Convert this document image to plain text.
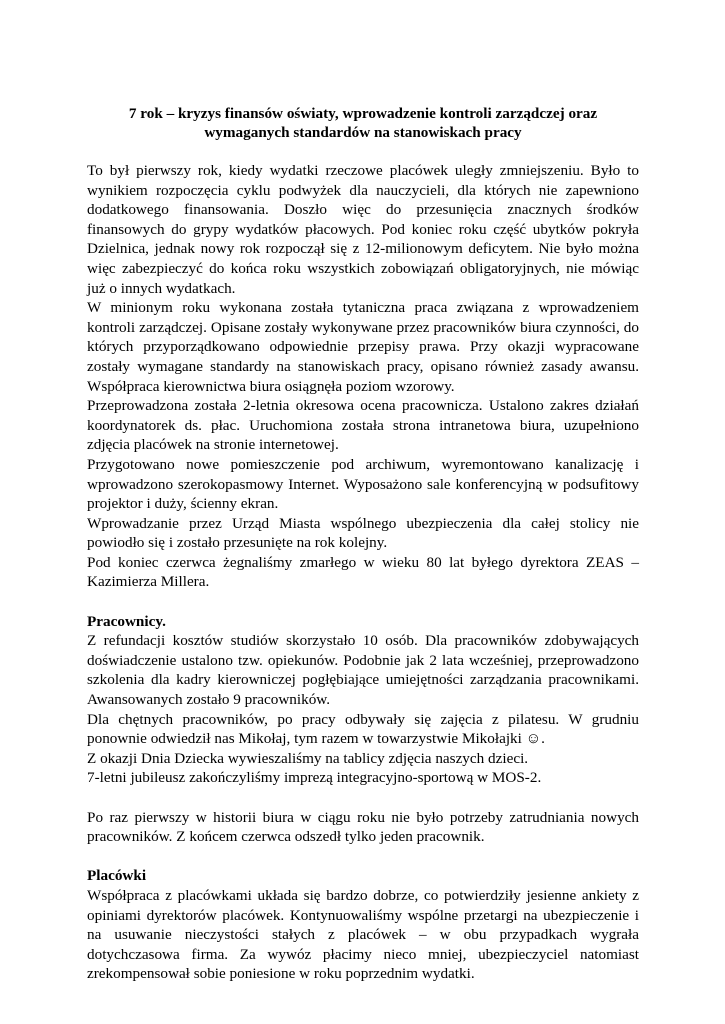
7 rok – kryzys finansów oświaty, wprowadzenie kontroli zarządczej oraz
wymaganych standardów na stanowiskach pracy

To był pierwszy rok, kiedy wydatki rzeczowe placówek uległy zmniejszeniu. Było to wynikiem rozpoczęcia cyklu podwyżek dla nauczycieli, dla których nie zapewniono dodatkowego finansowania. Doszło więc do przesunięcia znacznych środków finansowych do grypy wydatków płacowych. Pod koniec roku część ubytków pokryła Dzielnica, jednak nowy rok rozpoczął się z 12-milionowym deficytem. Nie było można więc zabezpieczyć do końca roku wszystkich zobowiązań obligatoryjnych, nie mówiąc już o innych wydatkach.

W minionym roku wykonana została tytaniczna praca związana z wprowadzeniem kontroli zarządczej. Opisane zostały wykonywane przez pracowników biura czynności, do których przyporządkowano odpowiednie przepisy prawa. Przy okazji wypracowane zostały wymagane standardy na stanowiskach pracy, opisano również zasady awansu. Współpraca kierownictwa biura osiągnęła poziom wzorowy.

Przeprowadzona została 2-letnia okresowa ocena pracownicza. Ustalono zakres działań koordynatorek ds. płac. Uruchomiona została strona intranetowa biura, uzupełniono zdjęcia placówek na stronie internetowej.

Przygotowano nowe pomieszczenie pod archiwum, wyremontowano kanalizację i wprowadzono szerokopasmowy Internet. Wyposażono sale konferencyjną w podsufitowy projektor i duży, ścienny ekran.

Wprowadzanie przez Urząd Miasta wspólnego ubezpieczenia dla całej stolicy nie powiodło się i zostało przesunięte na rok kolejny.

Pod koniec czerwca żegnaliśmy zmarłego w wieku 80 lat byłego dyrektora ZEAS – Kazimierza Millera.

Pracownicy.

Z refundacji kosztów studiów skorzystało 10 osób. Dla pracowników zdobywających doświadczenie ustalono tzw. opiekunów. Podobnie jak 2 lata wcześniej, przeprowadzono szkolenia dla kadry kierowniczej pogłębiające umiejętności zarządzania pracownikami. Awansowanych zostało 9 pracowników.

Dla chętnych pracowników, po pracy odbywały się zajęcia z pilatesu. W grudniu ponownie odwiedził nas Mikołaj, tym razem w towarzystwie Mikołajki ☺.

Z okazji Dnia Dziecka wywieszaliśmy na tablicy zdjęcia naszych dzieci.

7-letni jubileusz zakończyliśmy imprezą integracyjno-sportową w MOS-2.

Po raz pierwszy w historii biura w ciągu roku nie było potrzeby zatrudniania nowych pracowników. Z końcem czerwca odszedł tylko jeden pracownik.

Placówki

Współpraca z placówkami układa się bardzo dobrze, co potwierdziły jesienne ankiety z opiniami dyrektorów placówek. Kontynuowaliśmy wspólne przetargi na ubezpieczenie i na usuwanie nieczystości stałych z placówek – w obu przypadkach wygrała dotychczasowa firma. Za wywóz płacimy nieco mniej, ubezpieczyciel natomiast zrekompensował sobie poniesione w roku poprzednim wydatki.
